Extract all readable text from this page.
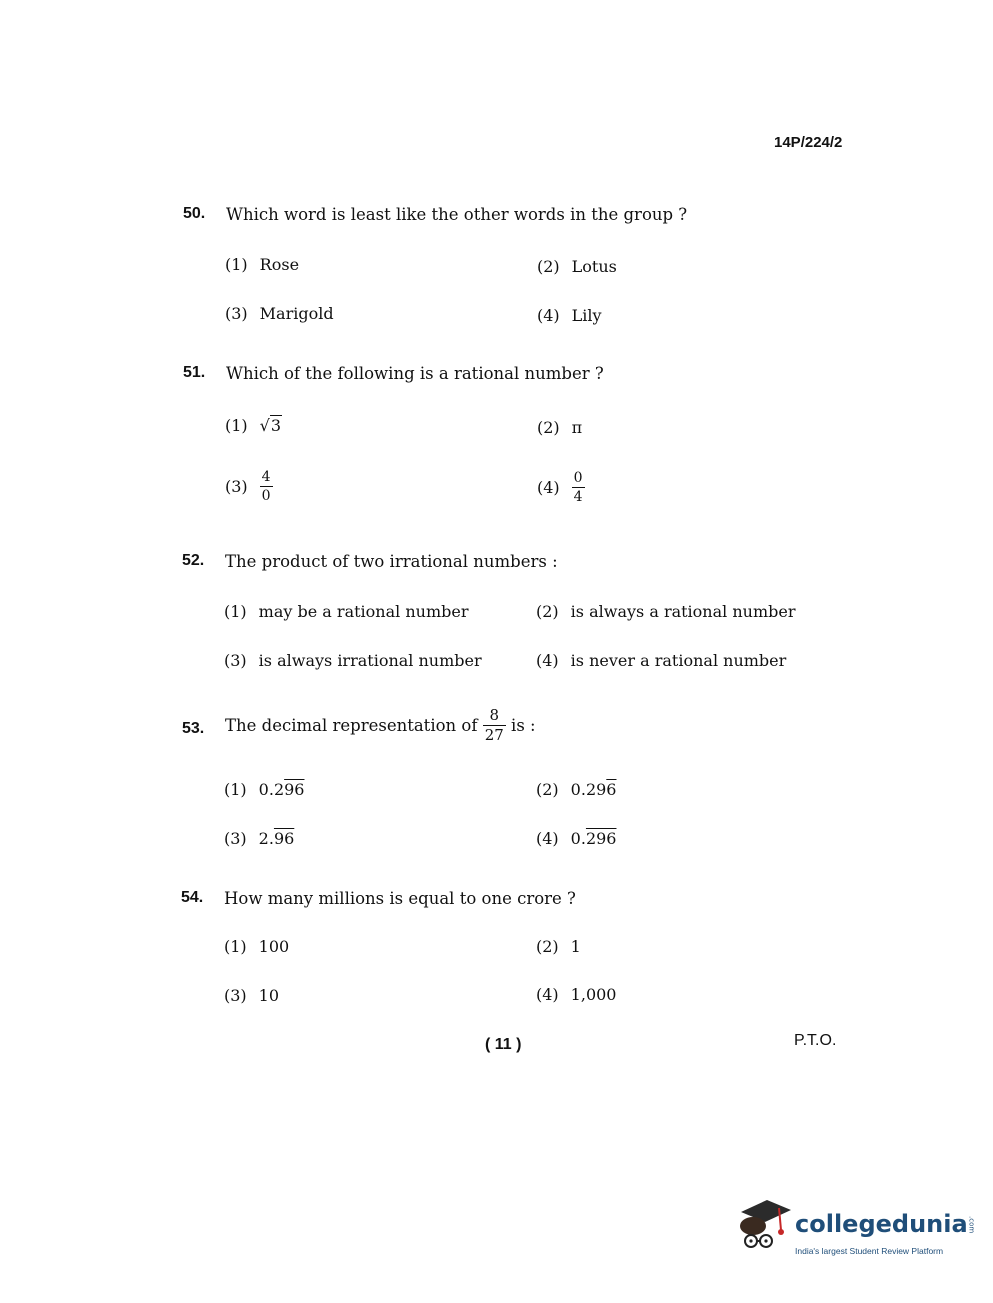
14P/224/2
50. Which word is least like the other words in the group ?
(1) Rose	(2) Lotus
(3) Marigold	(4) Lily
51. Which of the following is a rational number ?
(1) √3	(2) π
$(3) \frac{4}{0}$	$(4) \frac{0}{4}$
52. The product of two irrational numbers :
(1) may be a rational number	(2) is always a rational number
(3) is always irrational number	(4) is never a rational number
53. The decimal representation of $\frac{8}{27}$ is :
(1) 0.296	(2) 0.296
(3) 2.96	(4) 0.296
54. How many millions is equal to one crore ?
(1) 100	(2) 1
(3) 10	(4) 1,000
( 11 )	P.T.O.
collegedunia.com
India's largest Student Review Platform
